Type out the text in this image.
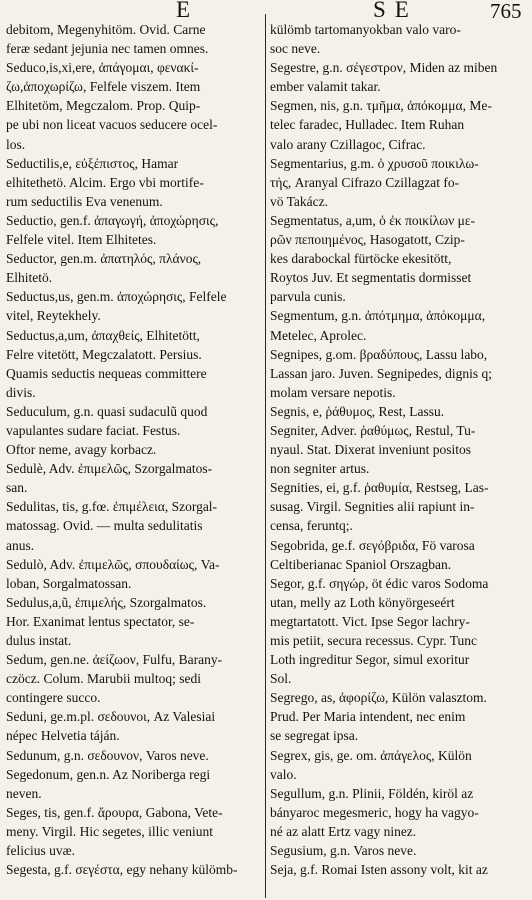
E	SE	765
debitom, Megenyhitöm. Ovid. Carne
feræ sedant jejunia nec tamen omnes.
Seduco,is,xi,ere, ἀπάγομαι, φενακί-
ζω,ἀποχωρίζω, Felfele viszem. Item
Elhitetöm, Megczalom. Prop. Quip-
pe ubi non liceat vacuos seducere ocel-
los.
Seductilis,e, εὐξέπιστος, Hamar
elhitethetö. Alcim. Ergo vbi mortife-
rum seductilis Eva venenum.
Seductio, gen.f. ἀπαγωγή, ἀποχώρησις,
Felfele vitel. Item Elhitetes.
Seductor, gen.m. ἀπατηλός, πλάνος,
Elhitetö.
Seductus,us, gen.m. ἀποχώρησις, Felfele
vitel, Reytekhely.
Seductus,a,um, ἀπαχθείς, Elhitetött,
Felre vitetött, Megczalatott. Persius.
Quamis seductis nequeas committere
divis.
Seduculum, g.n. quasi sudaculũ quod
vapulantes sudare faciat. Festus.
Oftor neme, avagy korbacz.
Sedulè, Adv. ἐπιμελῶς, Szorgalmatos-
san.
Sedulitas, tis, g.fœ. ἐπιμέλεια, Szorgal-
matossag. Ovid. — multa sedulitatis
anus.
Sedulò, Adv. ἐπιμελῶς, σπουδαίως, Va-
loban, Sorgalmatossan.
Sedulus,a,ũ, ἐπιμελής, Szorgalmatos.
Hor. Exanimat lentus spectator, se-
dulus instat.
Sedum, gen.ne. ἀείζωον, Fulfu, Barany-
czöcz. Colum. Marubii multoq; sedi
contingere succo.
Seduni, ge.m.pl. σεδουνοι, Az Valesiai
népec Helvetia táján.
Sedunum, g.n. σεδουνον, Varos neve.
Segedonum, gen.n. Az Noriberga regi
neven.
Seges, tis, gen.f. ἄρουρα, Gabona, Vete-
meny. Virgil. Hic segetes, illic veniunt
felicius uvæ.
Segesta, g.f. σεγέστα, egy nehany külömb-
külömb tartomanyokban valo varo-
soc neve.
Segestre, g.n. σέγεστρον, Miden az miben
ember valamit takar.
Segmen, nis, g.n. τμῆμα, ἀπόκομμα, Me-
telec faradec, Hulladec. Item Ruhan
valo arany Czillagoc, Cifrac.
Segmentarius, g.m. ὁ χρυσοῦ ποικιλω-
τής, Aranyal Cifrazo Czillagzat fo-
vö Takácz.
Segmentatus, a,um, ὁ ἐκ ποικίλων με-
ρῶν πεποιημένος, Hasogatott, Czip-
kes darabockal fürtöcke ekesitött,
Roytos Juv. Et segmentatis dormisset
parvula cunis.
Segmentum, g.n. ἀπότμημα, ἀπόκομμα,
Metelec, Aprolec.
Segnipes, g.om. βραδύπους, Lassu labo,
Lassan jaro. Juven. Segnipedes, dignis q;
molam versare nepotis.
Segnis, e, ῥάθυμος, Rest, Lassu.
Segniter, Adver. ῥαθύμως, Restul, Tu-
nyaul. Stat. Dixerat inveniunt positos
non segniter artus.
Segnities, ei, g.f. ῥαθυμία, Restseg, Las-
susag. Virgil. Segnities alii rapiunt in-
censa, feruntq;.
Segobrida, ge.f. σεγόβριδα, Fö varosa
Celtiberianac Spaniol Orszagban.
Segor, g.f. σηγώρ, öt édic varos Sodoma
utan, melly az Loth könyörgeseért
megtartatott. Vict. Ipse Segor lachry-
mis petiit, secura recessus. Cypr. Tunc
Loth ingreditur Segor, simul exoritur
Sol.
Segrego, as, ἀφορίζω, Külön valasztom.
Prud. Per Maria intendent, nec enim
se segregat ipsa.
Segrex, gis, ge. om. ἀπάγελος, Külön
valo.
Segullum, g.n. Plinii, Földén, kiröl az
bányaroc megesmeric, hogy ha vagyo-
né az alatt Ertz vagy ninez.
Segusium, g.n. Varos neve.
Seja, g.f. Romai Isten assony volt, kit az
